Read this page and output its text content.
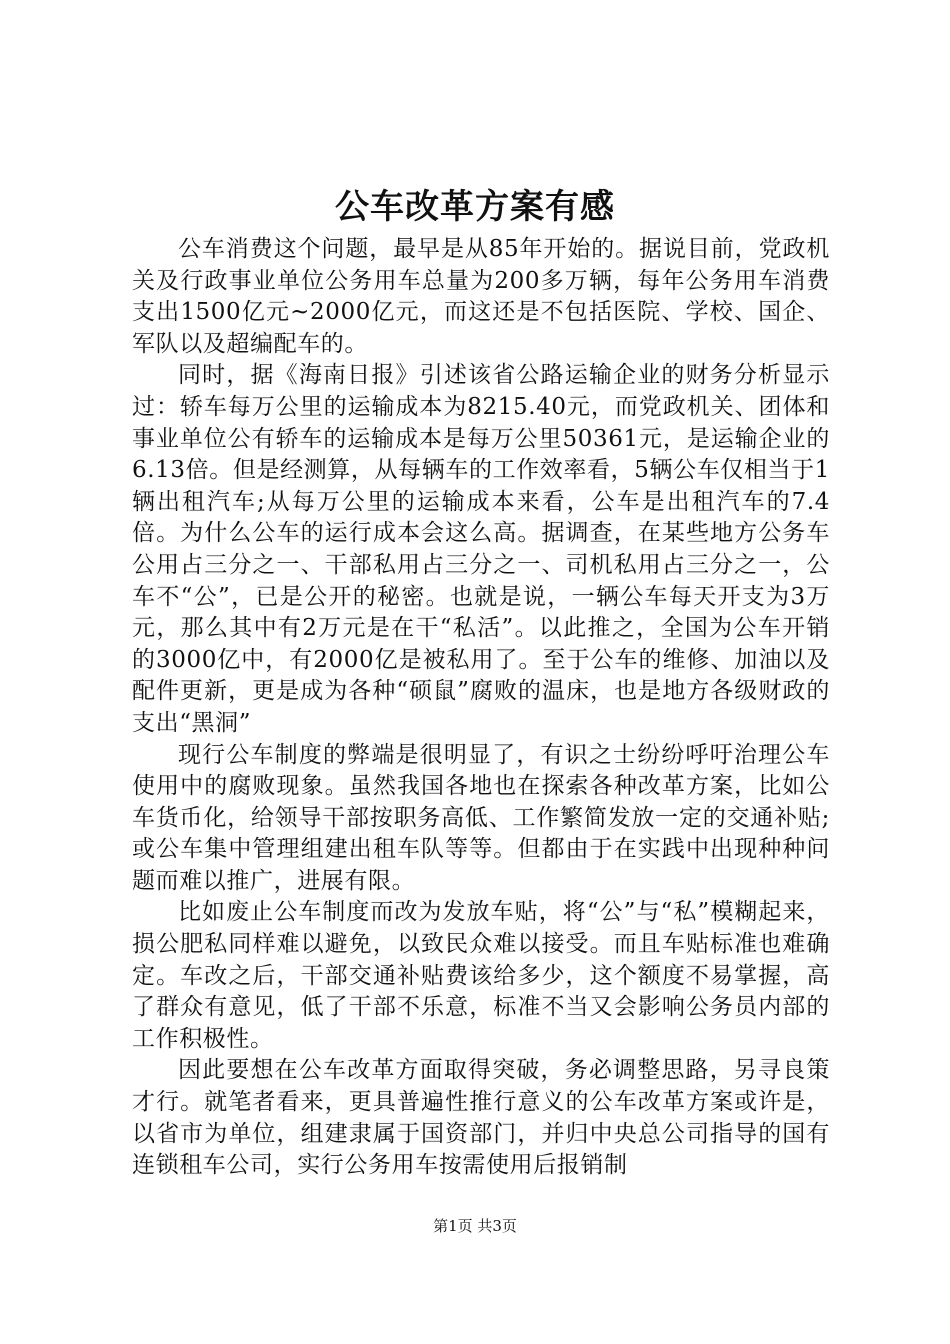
公车改革方案有感

公车消费这个问题，最早是从85年开始的。据说目前，党政机关及行政事业单位公务用车总量为200多万辆，每年公务用车消费支出1500亿元~2000亿元，而这还是不包括医院、学校、国企、军队以及超编配车的。

同时，据《海南日报》引述该省公路运输企业的财务分析显示过：轿车每万公里的运输成本为8215.40元，而党政机关、团体和事业单位公有轿车的运输成本是每万公里50361元，是运输企业的6.13倍。但是经测算，从每辆车的工作效率看，5辆公车仅相当于1辆出租汽车;从每万公里的运输成本来看，公车是出租汽车的7.4倍。为什么公车的运行成本会这么高。据调查，在某些地方公务车公用占三分之一、干部私用占三分之一、司机私用占三分之一，公车不“公”，已是公开的秘密。也就是说，一辆公车每天开支为3万元，那么其中有2万元是在干“私活”。以此推之，全国为公车开销的3000亿中，有2000亿是被私用了。至于公车的维修、加油以及配件更新，更是成为各种“硕鼠”腐败的温床，也是地方各级财政的支出“黑洞”

现行公车制度的弊端是很明显了，有识之士纷纷呼吁治理公车使用中的腐败现象。虽然我国各地也在探索各种改革方案，比如公车货币化，给领导干部按职务高低、工作繁简发放一定的交通补贴;或公车集中管理组建出租车队等等。但都由于在实践中出现种种问题而难以推广，进展有限。

比如废止公车制度而改为发放车贴，将“公”与“私”模糊起来，损公肥私同样难以避免，以致民众难以接受。而且车贴标准也难确定。车改之后，干部交通补贴费该给多少，这个额度不易掌握，高了群众有意见，低了干部不乐意，标准不当又会影响公务员内部的工作积极性。

因此要想在公车改革方面取得突破，务必调整思路，另寻良策才行。就笔者看来，更具普遍性推行意义的公车改革方案或许是，以省市为单位，组建隶属于国资部门，并归中央总公司指导的国有连锁租车公司，实行公务用车按需使用后报销制

第1页 共3页
